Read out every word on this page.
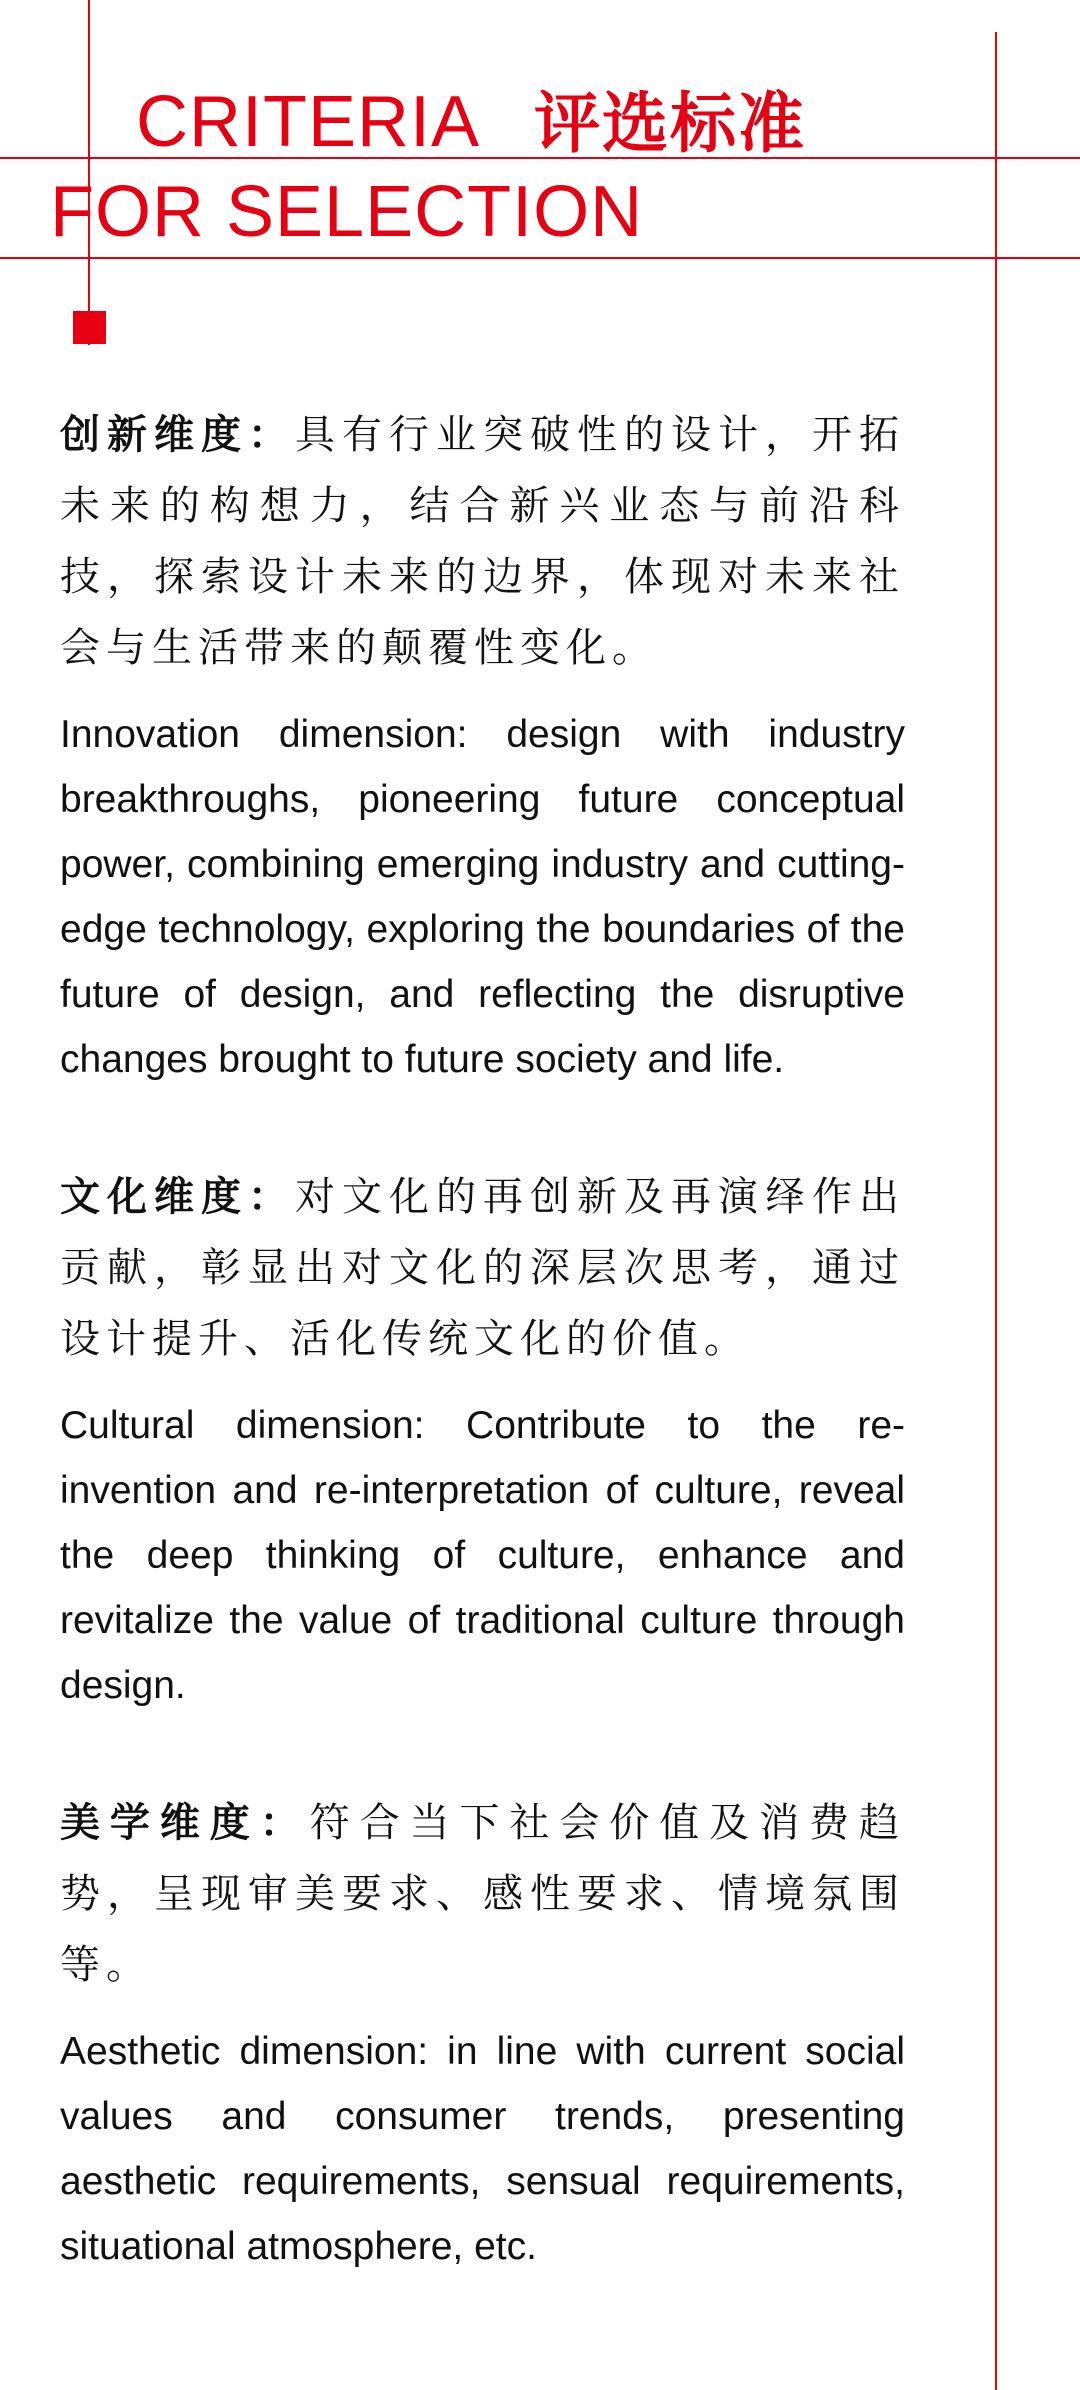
CRITERIA 评选标准
FOR SELECTION

创新维度：具有行业突破性的设计，开拓未来的构想力，结合新兴业态与前沿科技，探索设计未来的边界，体现对未来社会与生活带来的颠覆性变化。

Innovation dimension: design with industry breakthroughs, pioneering future conceptual power, combining emerging industry and cutting-edge technology, exploring the boundaries of the future of design, and reflecting the disruptive changes brought to future society and life.

文化维度：对文化的再创新及再演绎作出贡献，彰显出对文化的深层次思考，通过设计提升、活化传统文化的价值。

Cultural dimension: Contribute to the re-invention and re-interpretation of culture, reveal the deep thinking of culture, enhance and revitalize the value of traditional culture through design.

美学维度：符合当下社会价值及消费趋势，呈现审美要求、感性要求、情境氛围等。

Aesthetic dimension: in line with current social values and consumer trends, presenting aesthetic requirements, sensual requirements, situational atmosphere, etc.
